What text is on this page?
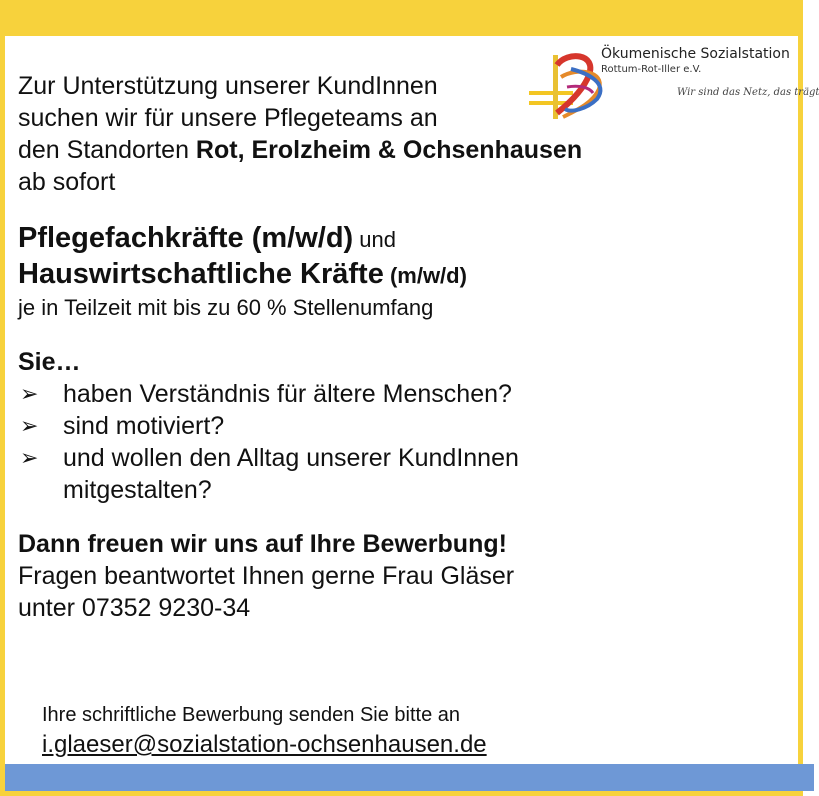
Ökumenische Sozialstation
Rottum-Rot-Iller e.V.
Wir sind das Netz, das trägt
Zur Unterstützung unserer KundInnen
suchen wir für unsere Pflegeteams an
den Standorten Rot, Erolzheim & Ochsenhausen
ab sofort
Pflegefachkräfte (m/w/d) und
Hauswirtschaftliche Kräfte (m/w/d)
je in Teilzeit mit bis zu 60 % Stellenumfang
Sie…
➢ haben Verständnis für ältere Menschen?
➢ sind motiviert?
➢ und wollen den Alltag unserer KundInnen mitgestalten?
Dann freuen wir uns auf Ihre Bewerbung!
Fragen beantwortet Ihnen gerne Frau Gläser
unter 07352 9230-34
Ihre schriftliche Bewerbung senden Sie bitte an
i.glaeser@sozialstation-ochsenhausen.de
